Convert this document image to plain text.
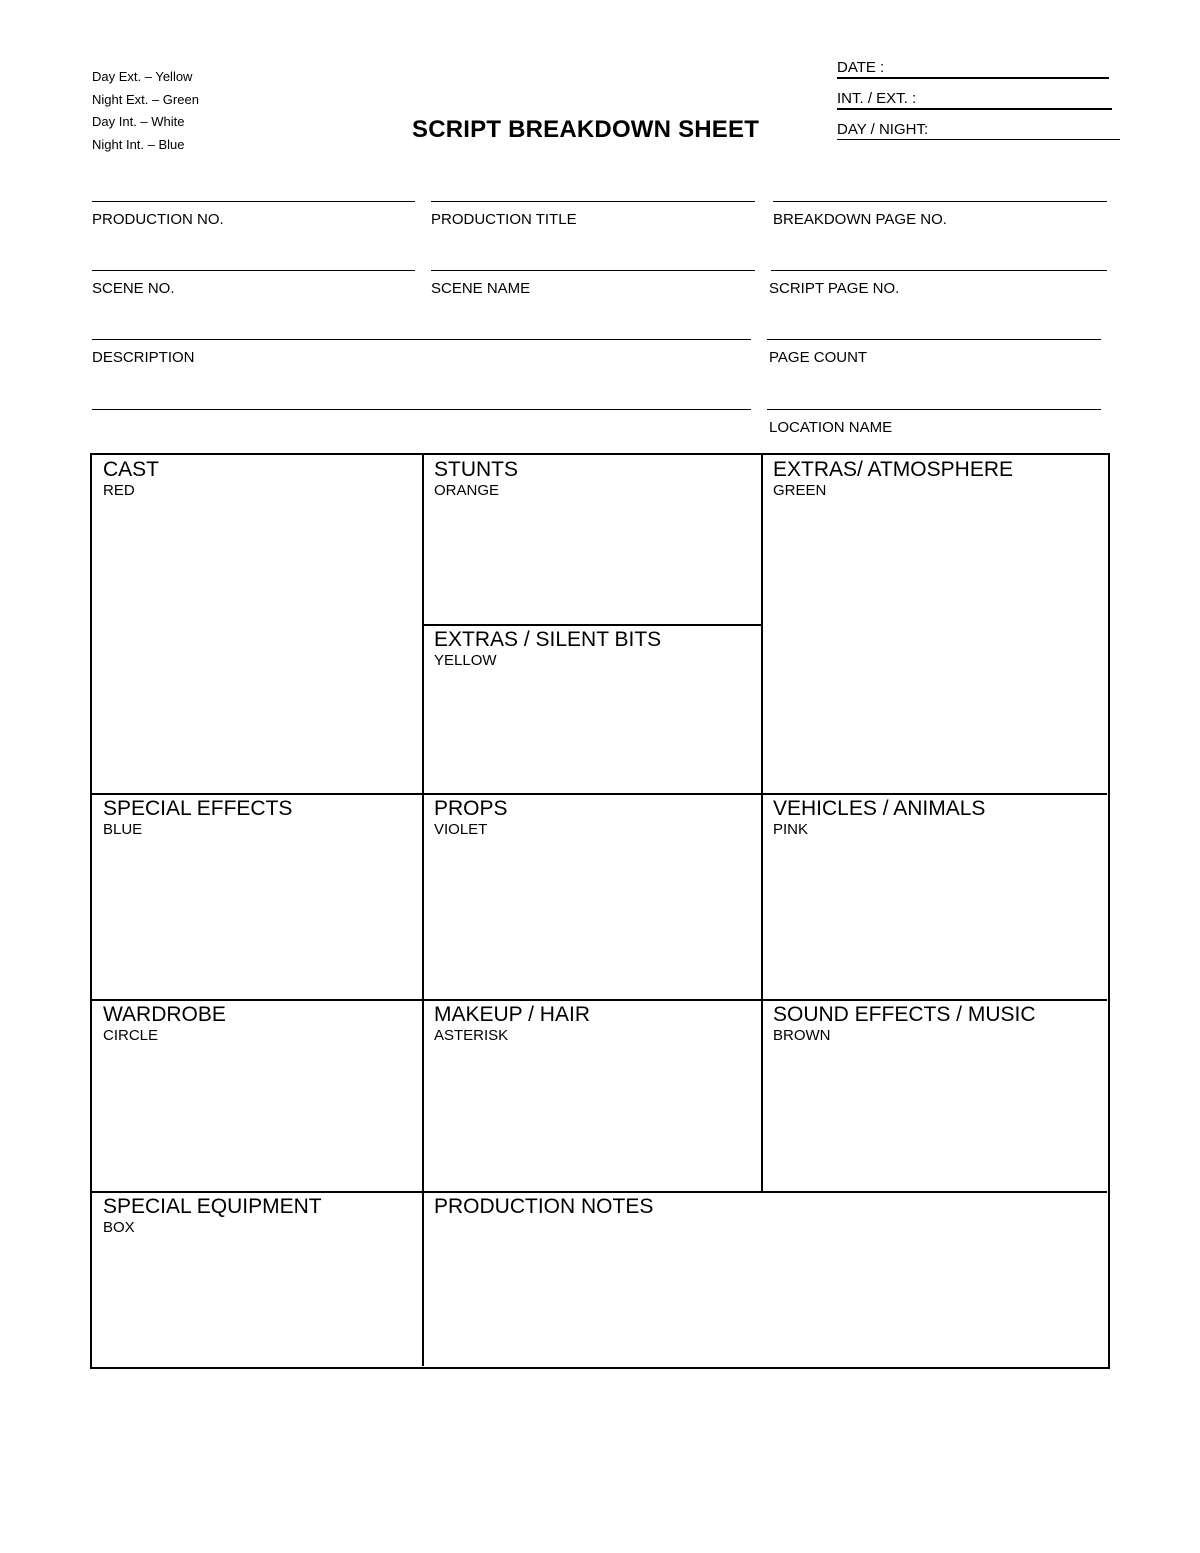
Day Ext. – Yellow
Night Ext. – Green
Day Int. – White
Night Int. – Blue
SCRIPT BREAKDOWN SHEET
DATE :
INT. / EXT. :
DAY / NIGHT:
PRODUCTION NO.	PRODUCTION TITLE	BREAKDOWN PAGE NO.
SCENE NO.	SCENE NAME	SCRIPT PAGE NO.
DESCRIPTION	PAGE COUNT
LOCATION NAME
CAST
RED
STUNTS
ORANGE
EXTRAS/ ATMOSPHERE
GREEN
EXTRAS / SILENT BITS
YELLOW
SPECIAL EFFECTS
BLUE
PROPS
VIOLET
VEHICLES / ANIMALS
PINK
WARDROBE
CIRCLE
MAKEUP / HAIR
ASTERISK
SOUND EFFECTS / MUSIC
BROWN
SPECIAL EQUIPMENT
BOX
PRODUCTION NOTES
